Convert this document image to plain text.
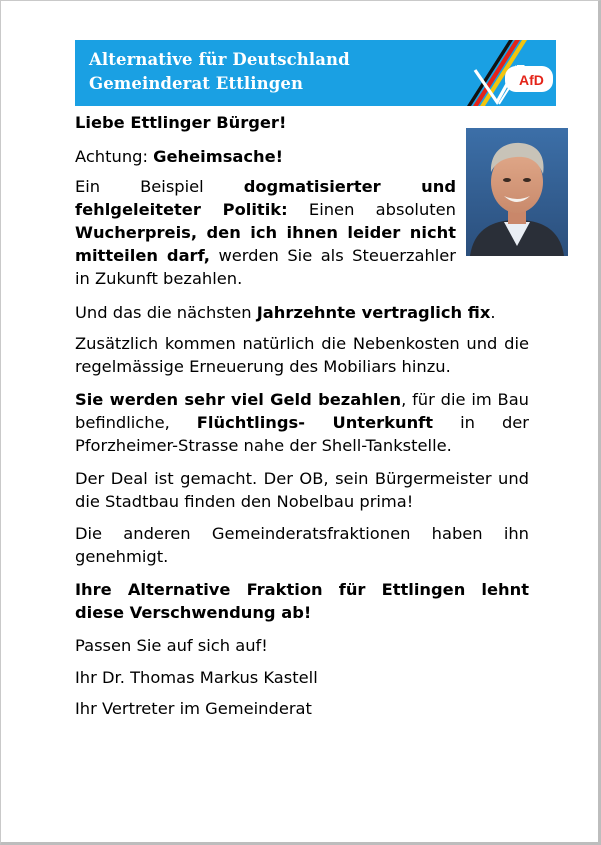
Alternative für Deutschland
Gemeinderat Ettlingen	AfD

Liebe Ettlinger Bürger!

Achtung: Geheimsache!

Ein Beispiel dogmatisierter und fehlgeleiteter Politik: Einen absoluten Wucherpreis, den ich ihnen leider nicht mitteilen darf, werden Sie als Steuerzahler in Zukunft bezahlen.

Und das die nächsten Jahrzehnte vertraglich fix.

Zusätzlich kommen natürlich die Nebenkosten und die regelmässige Erneuerung des Mobiliars hinzu.

Sie werden sehr viel Geld bezahlen, für die im Bau befindliche, Flüchtlings- Unterkunft in der Pforzheimer-Strasse nahe der Shell-Tankstelle.

Der Deal ist gemacht. Der OB, sein Bürgermeister und die Stadtbau finden den Nobelbau prima!

Die anderen Gemeinderatsfraktionen haben ihn genehmigt.

Ihre Alternative Fraktion für Ettlingen lehnt diese Verschwendung ab!

Passen Sie auf sich auf!

Ihr Dr. Thomas Markus Kastell

Ihr Vertreter im Gemeinderat
